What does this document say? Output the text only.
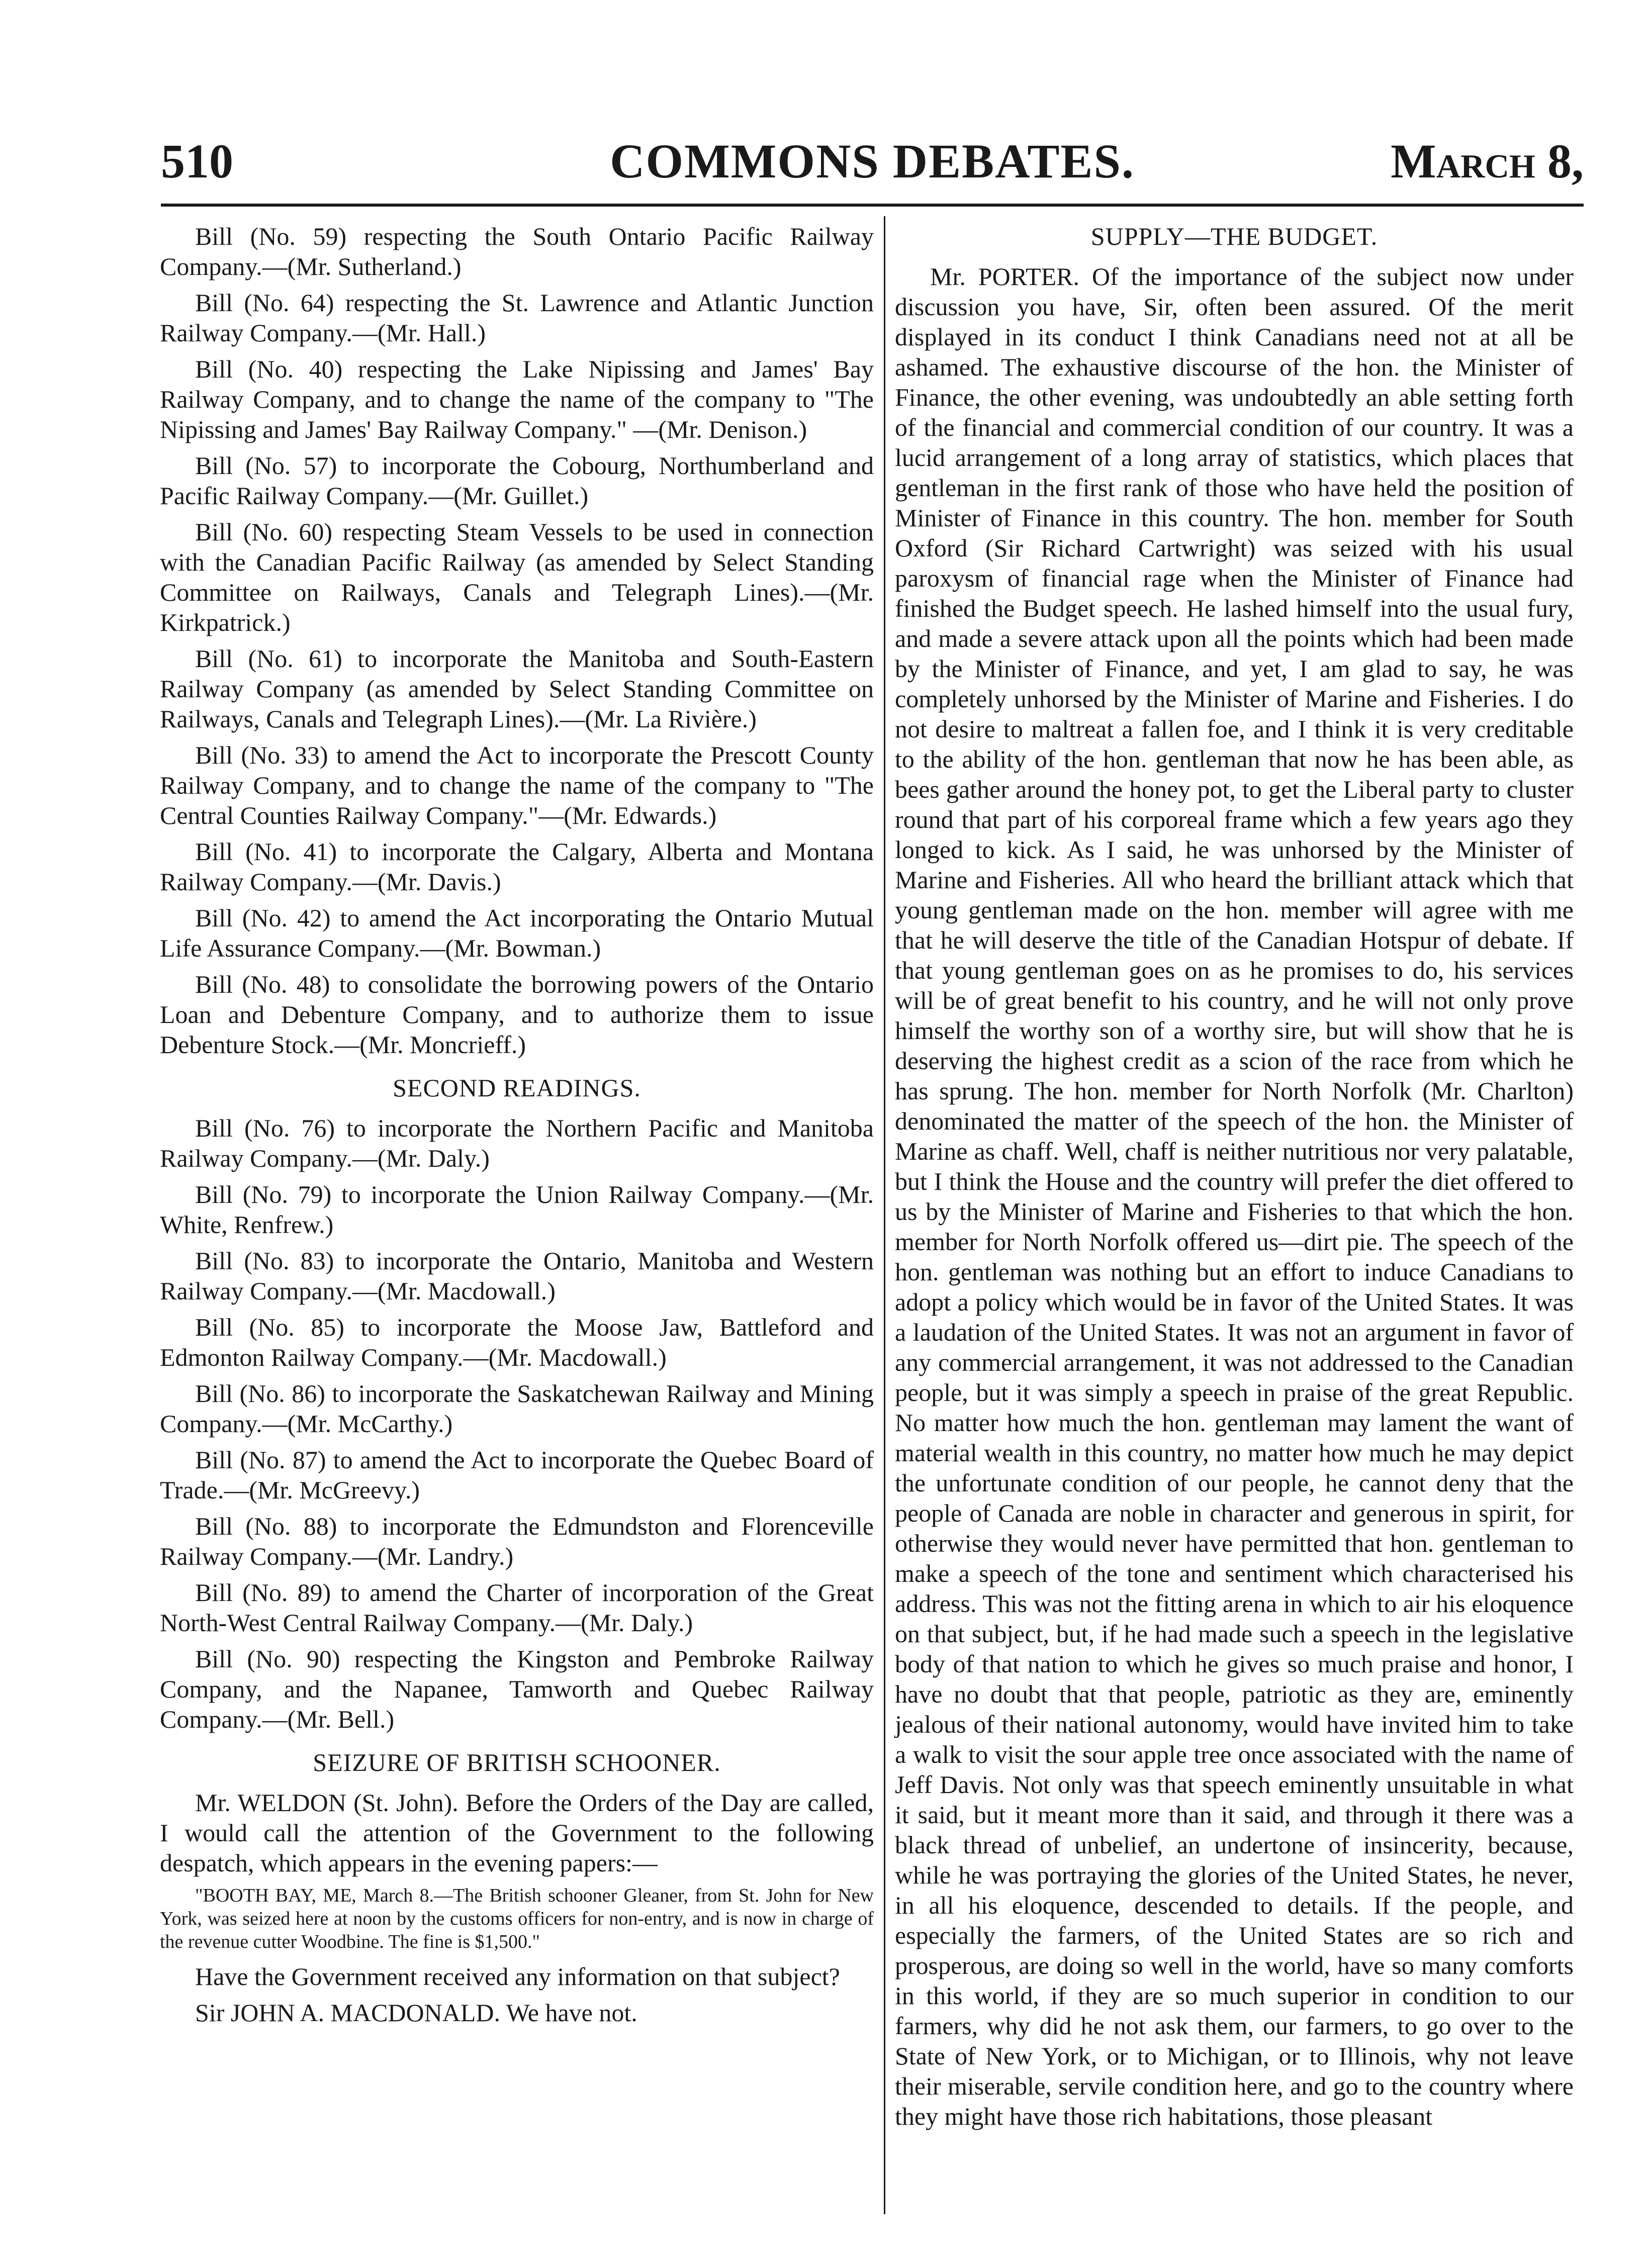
510	COMMONS DEBATES.	March 8,

Bill (No. 59) respecting the South Ontario Pacific Railway Company.—(Mr. Sutherland.)

Bill (No. 64) respecting the St. Lawrence and Atlantic Junction Railway Company.—(Mr. Hall.)

Bill (No. 40) respecting the Lake Nipissing and James' Bay Railway Company, and to change the name of the company to "The Nipissing and James' Bay Railway Company." —(Mr. Denison.)

Bill (No. 57) to incorporate the Cobourg, Northumberland and Pacific Railway Company.—(Mr. Guillet.)

Bill (No. 60) respecting Steam Vessels to be used in connection with the Canadian Pacific Railway (as amended by Select Standing Committee on Railways, Canals and Telegraph Lines).—(Mr. Kirkpatrick.)

Bill (No. 61) to incorporate the Manitoba and South-Eastern Railway Company (as amended by Select Standing Committee on Railways, Canals and Telegraph Lines).—(Mr. La Rivière.)

Bill (No. 33) to amend the Act to incorporate the Prescott County Railway Company, and to change the name of the company to "The Central Counties Railway Company."—(Mr. Edwards.)

Bill (No. 41) to incorporate the Calgary, Alberta and Montana Railway Company.—(Mr. Davis.)

Bill (No. 42) to amend the Act incorporating the Ontario Mutual Life Assurance Company.—(Mr. Bowman.)

Bill (No. 48) to consolidate the borrowing powers of the Ontario Loan and Debenture Company, and to authorize them to issue Debenture Stock.—(Mr. Moncrieff.)

SECOND READINGS.

Bill (No. 76) to incorporate the Northern Pacific and Manitoba Railway Company.—(Mr. Daly.)

Bill (No. 79) to incorporate the Union Railway Company.—(Mr. White, Renfrew.)

Bill (No. 83) to incorporate the Ontario, Manitoba and Western Railway Company.—(Mr. Macdowall.)

Bill (No. 85) to incorporate the Moose Jaw, Battleford and Edmonton Railway Company.—(Mr. Macdowall.)

Bill (No. 86) to incorporate the Saskatchewan Railway and Mining Company.—(Mr. McCarthy.)

Bill (No. 87) to amend the Act to incorporate the Quebec Board of Trade.—(Mr. McGreevy.)

Bill (No. 88) to incorporate the Edmundston and Florenceville Railway Company.—(Mr. Landry.)

Bill (No. 89) to amend the Charter of incorporation of the Great North-West Central Railway Company.—(Mr. Daly.)

Bill (No. 90) respecting the Kingston and Pembroke Railway Company, and the Napanee, Tamworth and Quebec Railway Company.—(Mr. Bell.)

SEIZURE OF BRITISH SCHOONER.

Mr. WELDON (St. John). Before the Orders of the Day are called, I would call the attention of the Government to the following despatch, which appears in the evening papers:—

"BOOTH BAY, ME, March 8.—The British schooner Gleaner, from St. John for New York, was seized here at noon by the customs officers for non-entry, and is now in charge of the revenue cutter Woodbine. The fine is $1,500."

Have the Government received any information on that subject?

Sir JOHN A. MACDONALD. We have not.

SUPPLY—THE BUDGET.

Mr. PORTER. Of the importance of the subject now under discussion you have, Sir, often been assured. Of the merit displayed in its conduct I think Canadians need not at all be ashamed. The exhaustive discourse of the hon. the Minister of Finance, the other evening, was undoubtedly an able setting forth of the financial and commercial condition of our country. It was a lucid arrangement of a long array of statistics, which places that gentleman in the first rank of those who have held the position of Minister of Finance in this country. The hon. member for South Oxford (Sir Richard Cartwright) was seized with his usual paroxysm of financial rage when the Minister of Finance had finished the Budget speech. He lashed himself into the usual fury, and made a severe attack upon all the points which had been made by the Minister of Finance, and yet, I am glad to say, he was completely unhorsed by the Minister of Marine and Fisheries. I do not desire to maltreat a fallen foe, and I think it is very creditable to the ability of the hon. gentleman that now he has been able, as bees gather around the honey pot, to get the Liberal party to cluster round that part of his corporeal frame which a few years ago they longed to kick. As I said, he was unhorsed by the Minister of Marine and Fisheries. All who heard the brilliant attack which that young gentleman made on the hon. member will agree with me that he will deserve the title of the Canadian Hotspur of debate. If that young gentleman goes on as he promises to do, his services will be of great benefit to his country, and he will not only prove himself the worthy son of a worthy sire, but will show that he is deserving the highest credit as a scion of the race from which he has sprung. The hon. member for North Norfolk (Mr. Charlton) denominated the matter of the speech of the hon. the Minister of Marine as chaff. Well, chaff is neither nutritious nor very palatable, but I think the House and the country will prefer the diet offered to us by the Minister of Marine and Fisheries to that which the hon. member for North Norfolk offered us—dirt pie. The speech of the hon. gentleman was nothing but an effort to induce Canadians to adopt a policy which would be in favor of the United States. It was a laudation of the United States. It was not an argument in favor of any commercial arrangement, it was not addressed to the Canadian people, but it was simply a speech in praise of the great Republic. No matter how much the hon. gentleman may lament the want of material wealth in this country, no matter how much he may depict the unfortunate condition of our people, he cannot deny that the people of Canada are noble in character and generous in spirit, for otherwise they would never have permitted that hon. gentleman to make a speech of the tone and sentiment which characterised his address. This was not the fitting arena in which to air his eloquence on that subject, but, if he had made such a speech in the legislative body of that nation to which he gives so much praise and honor, I have no doubt that that people, patriotic as they are, eminently jealous of their national autonomy, would have invited him to take a walk to visit the sour apple tree once associated with the name of Jeff Davis. Not only was that speech eminently unsuitable in what it said, but it meant more than it said, and through it there was a black thread of unbelief, an undertone of insincerity, because, while he was portraying the glories of the United States, he never, in all his eloquence, descended to details. If the people, and especially the farmers, of the United States are so rich and prosperous, are doing so well in the world, have so many comforts in this world, if they are so much superior in condition to our farmers, why did he not ask them, our farmers, to go over to the State of New York, or to Michigan, or to Illinois, why not leave their miserable, servile condition here, and go to the country where they might have those rich habitations, those pleasant
